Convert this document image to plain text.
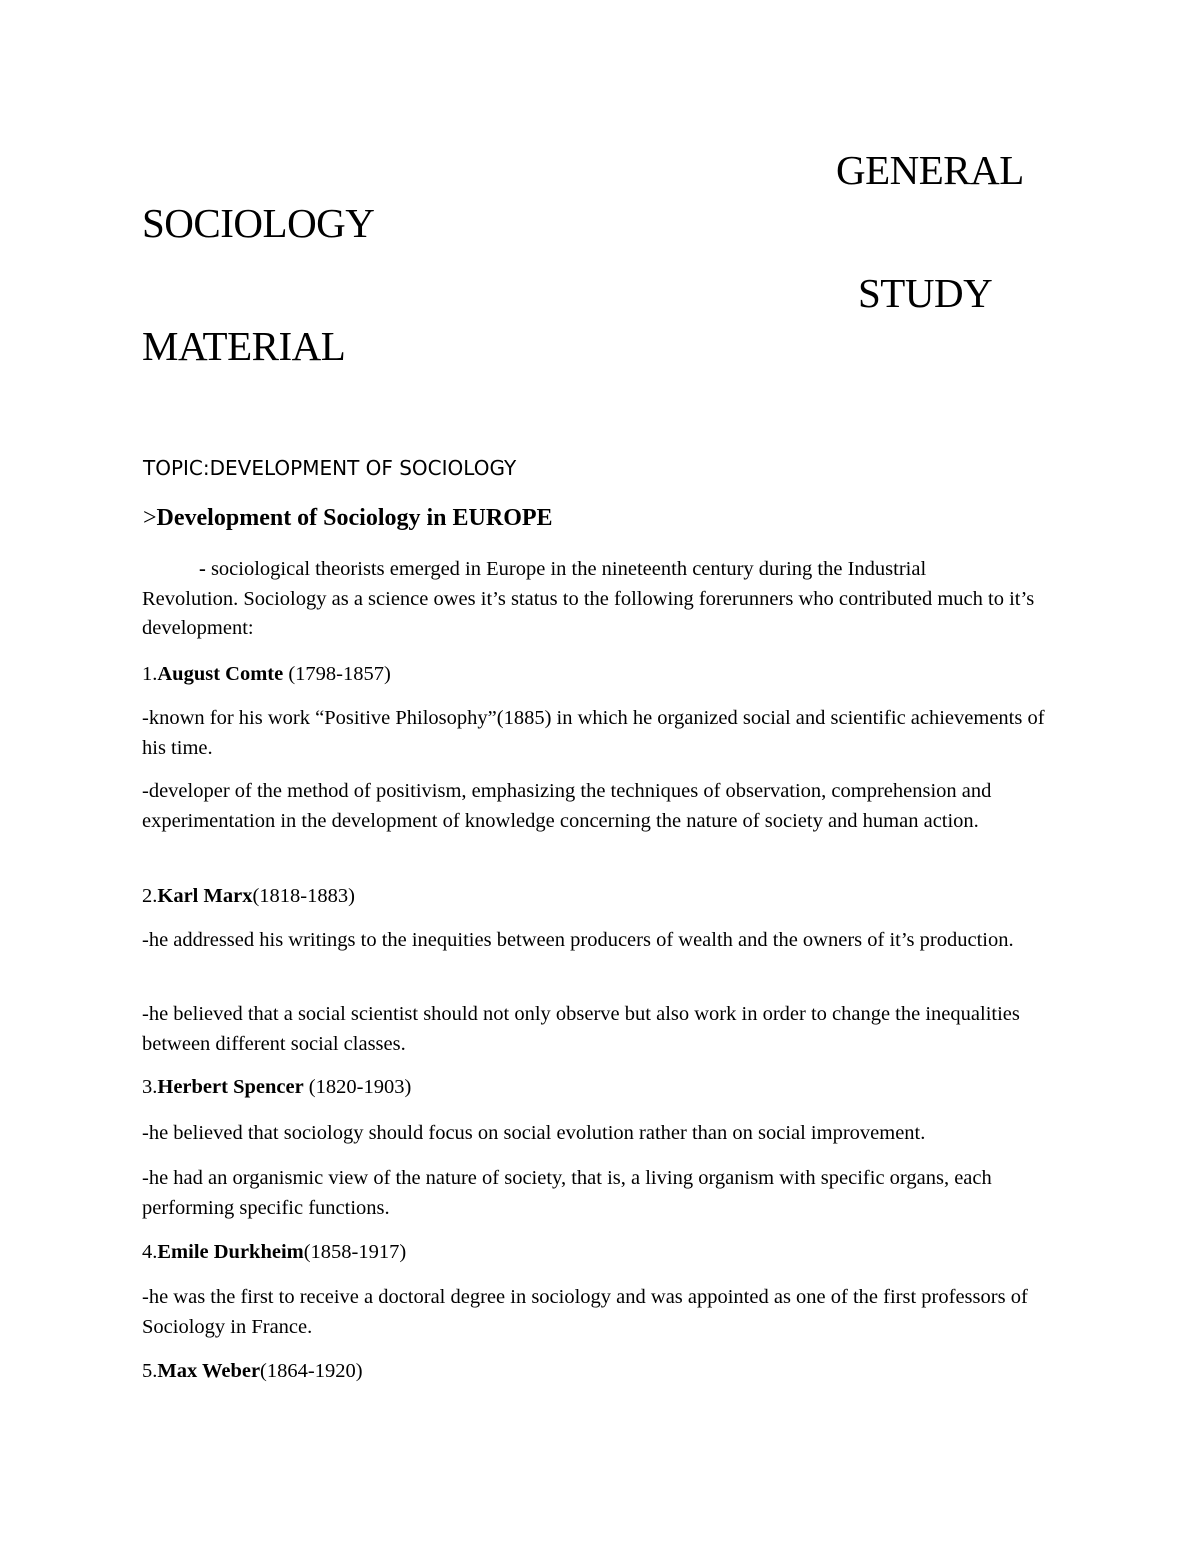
GENERAL
SOCIOLOGY
STUDY
MATERIAL
TOPIC:DEVELOPMENT OF SOCIOLOGY
>Development of Sociology in EUROPE
- sociological theorists emerged in Europe in the nineteenth century during the Industrial
Revolution. Sociology as a science owes it’s status to the following forerunners who contributed much to it’s development:
1.August Comte (1798-1857)
-known for his work “Positive Philosophy”(1885) in which he organized social and scientific achievements of his time.
-developer of the method of positivism, emphasizing the techniques of observation, comprehension and experimentation in the development of knowledge concerning the nature of society and human action.
2.Karl Marx(1818-1883)
-he addressed his writings to the inequities between producers of wealth and the owners of it’s production.
-he believed that a social scientist should not only observe but also work in order to change the inequalities between different social classes.
3.Herbert Spencer (1820-1903)
-he believed that sociology should focus on social evolution rather than on social improvement.
-he had an organismic view of the nature of society, that is, a living organism with specific organs, each performing specific functions.
4.Emile Durkheim(1858-1917)
-he was the first to receive a doctoral degree in sociology and was appointed as one of the first professors of Sociology in France.
5.Max Weber(1864-1920)
